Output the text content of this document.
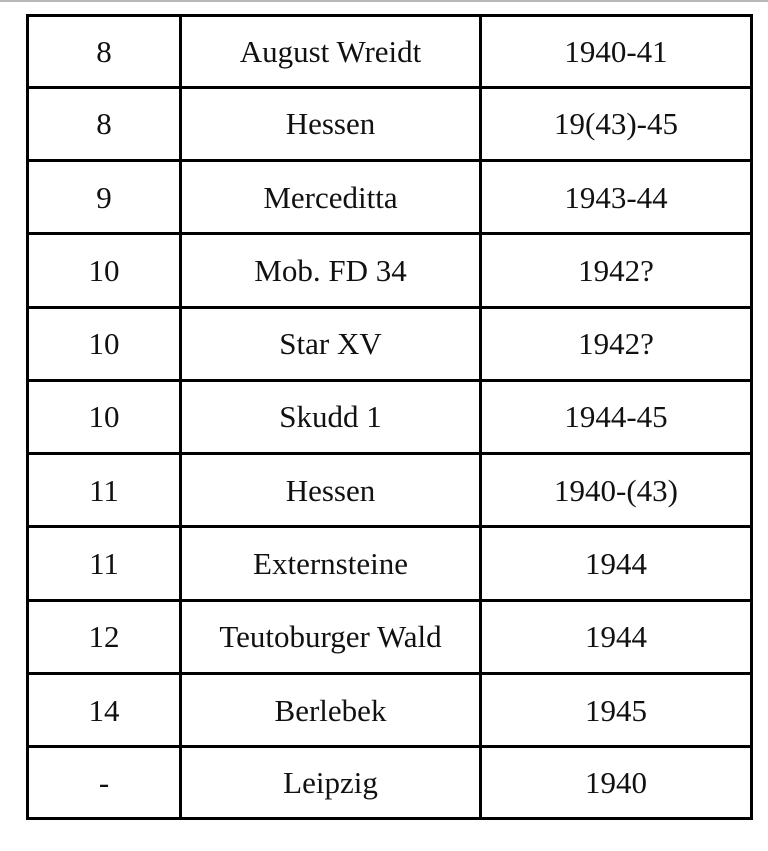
8	August Wreidt	1940-41
8	Hessen	19(43)-45
9	Merceditta	1943-44
10	Mob. FD 34	1942?
10	Star XV	1942?
10	Skudd 1	1944-45
11	Hessen	1940-(43)
11	Externsteine	1944
12	Teutoburger Wald	1944
14	Berlebek	1945
-	Leipzig	1940
